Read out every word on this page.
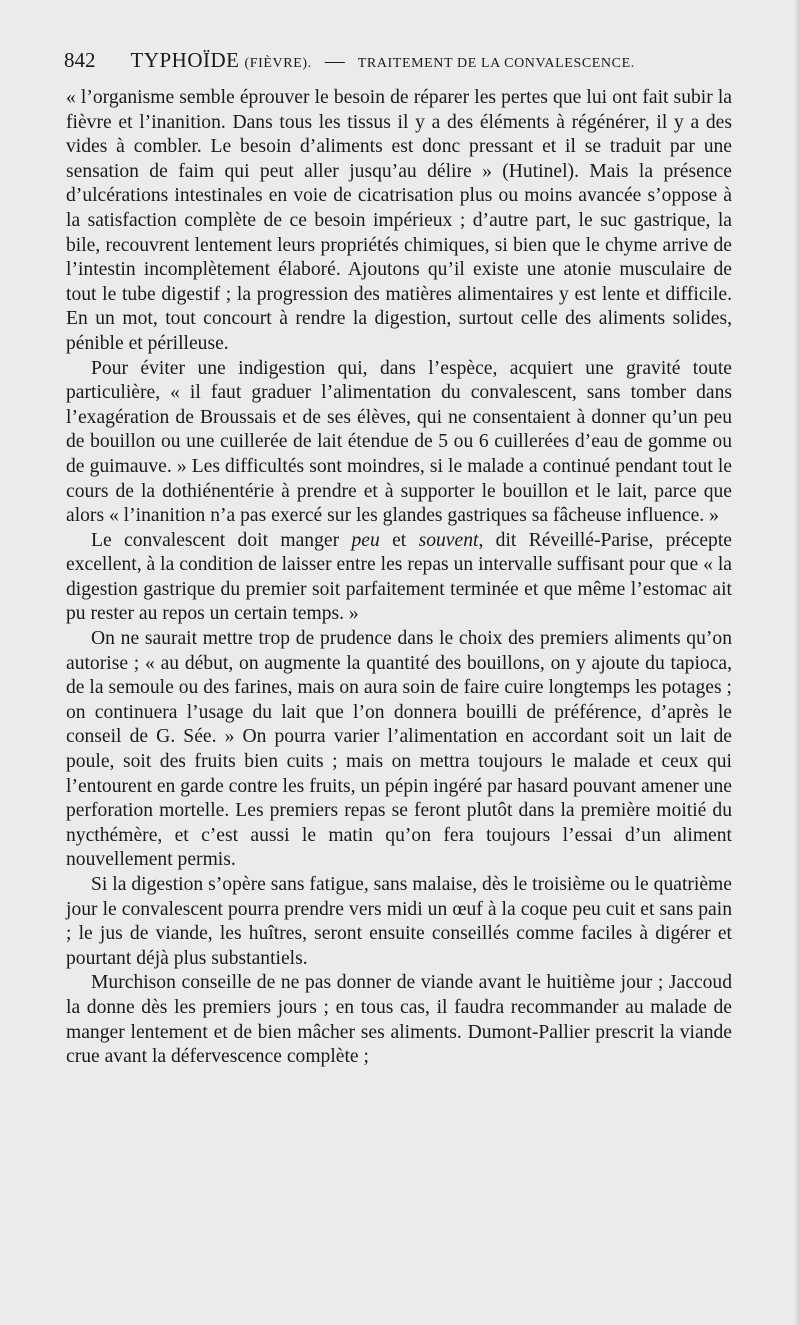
842 TYPHOÏDE (FIÈVRE). — TRAITEMENT DE LA CONVALESCENCE.

« l’organisme semble éprouver le besoin de réparer les pertes que lui ont fait subir la fièvre et l’inanition. Dans tous les tissus il y a des éléments à régénérer, il y a des vides à combler. Le besoin d’aliments est donc pressant et il se traduit par une sensation de faim qui peut aller jusqu’au délire » (Hutinel). Mais la présence d’ulcérations intestinales en voie de cicatrisation plus ou moins avancée s’oppose à la satisfaction complète de ce besoin impérieux ; d’autre part, le suc gastrique, la bile, recouvrent lentement leurs propriétés chimiques, si bien que le chyme arrive de l’intestin incomplètement élaboré. Ajoutons qu’il existe une atonie musculaire de tout le tube digestif ; la progression des matières alimentaires y est lente et difficile. En un mot, tout concourt à rendre la digestion, surtout celle des aliments solides, pénible et périlleuse.

Pour éviter une indigestion qui, dans l’espèce, acquiert une gravité toute particulière, « il faut graduer l’alimentation du convalescent, sans tomber dans l’exagération de Broussais et de ses élèves, qui ne consentaient à donner qu’un peu de bouillon ou une cuillerée de lait étendue de 5 ou 6 cuillerées d’eau de gomme ou de guimauve. » Les difficultés sont moindres, si le malade a continué pendant tout le cours de la dothiénentérie à prendre et à supporter le bouillon et le lait, parce que alors « l’inanition n’a pas exercé sur les glandes gastriques sa fâcheuse influence. »

Le convalescent doit manger peu et souvent, dit Réveillé-Parise, précepte excellent, à la condition de laisser entre les repas un intervalle suffisant pour que « la digestion gastrique du premier soit parfaitement terminée et que même l’estomac ait pu rester au repos un certain temps. »

On ne saurait mettre trop de prudence dans le choix des premiers aliments qu’on autorise ; « au début, on augmente la quantité des bouillons, on y ajoute du tapioca, de la semoule ou des farines, mais on aura soin de faire cuire longtemps les potages ; on continuera l’usage du lait que l’on donnera bouilli de préférence, d’après le conseil de G. Sée. » On pourra varier l’alimentation en accordant soit un lait de poule, soit des fruits bien cuits ; mais on mettra toujours le malade et ceux qui l’entourent en garde contre les fruits, un pépin ingéré par hasard pouvant amener une perforation mortelle. Les premiers repas se feront plutôt dans la première moitié du nycthémère, et c’est aussi le matin qu’on fera toujours l’essai d’un aliment nouvellement permis.

Si la digestion s’opère sans fatigue, sans malaise, dès le troisième ou le quatrième jour le convalescent pourra prendre vers midi un œuf à la coque peu cuit et sans pain ; le jus de viande, les huîtres, seront ensuite conseillés comme faciles à digérer et pourtant déjà plus substantiels.

Murchison conseille de ne pas donner de viande avant le huitième jour ; Jaccoud la donne dès les premiers jours ; en tous cas, il faudra recommander au malade de manger lentement et de bien mâcher ses aliments. Dumont-Pallier prescrit la viande crue avant la défervescence complète ;
